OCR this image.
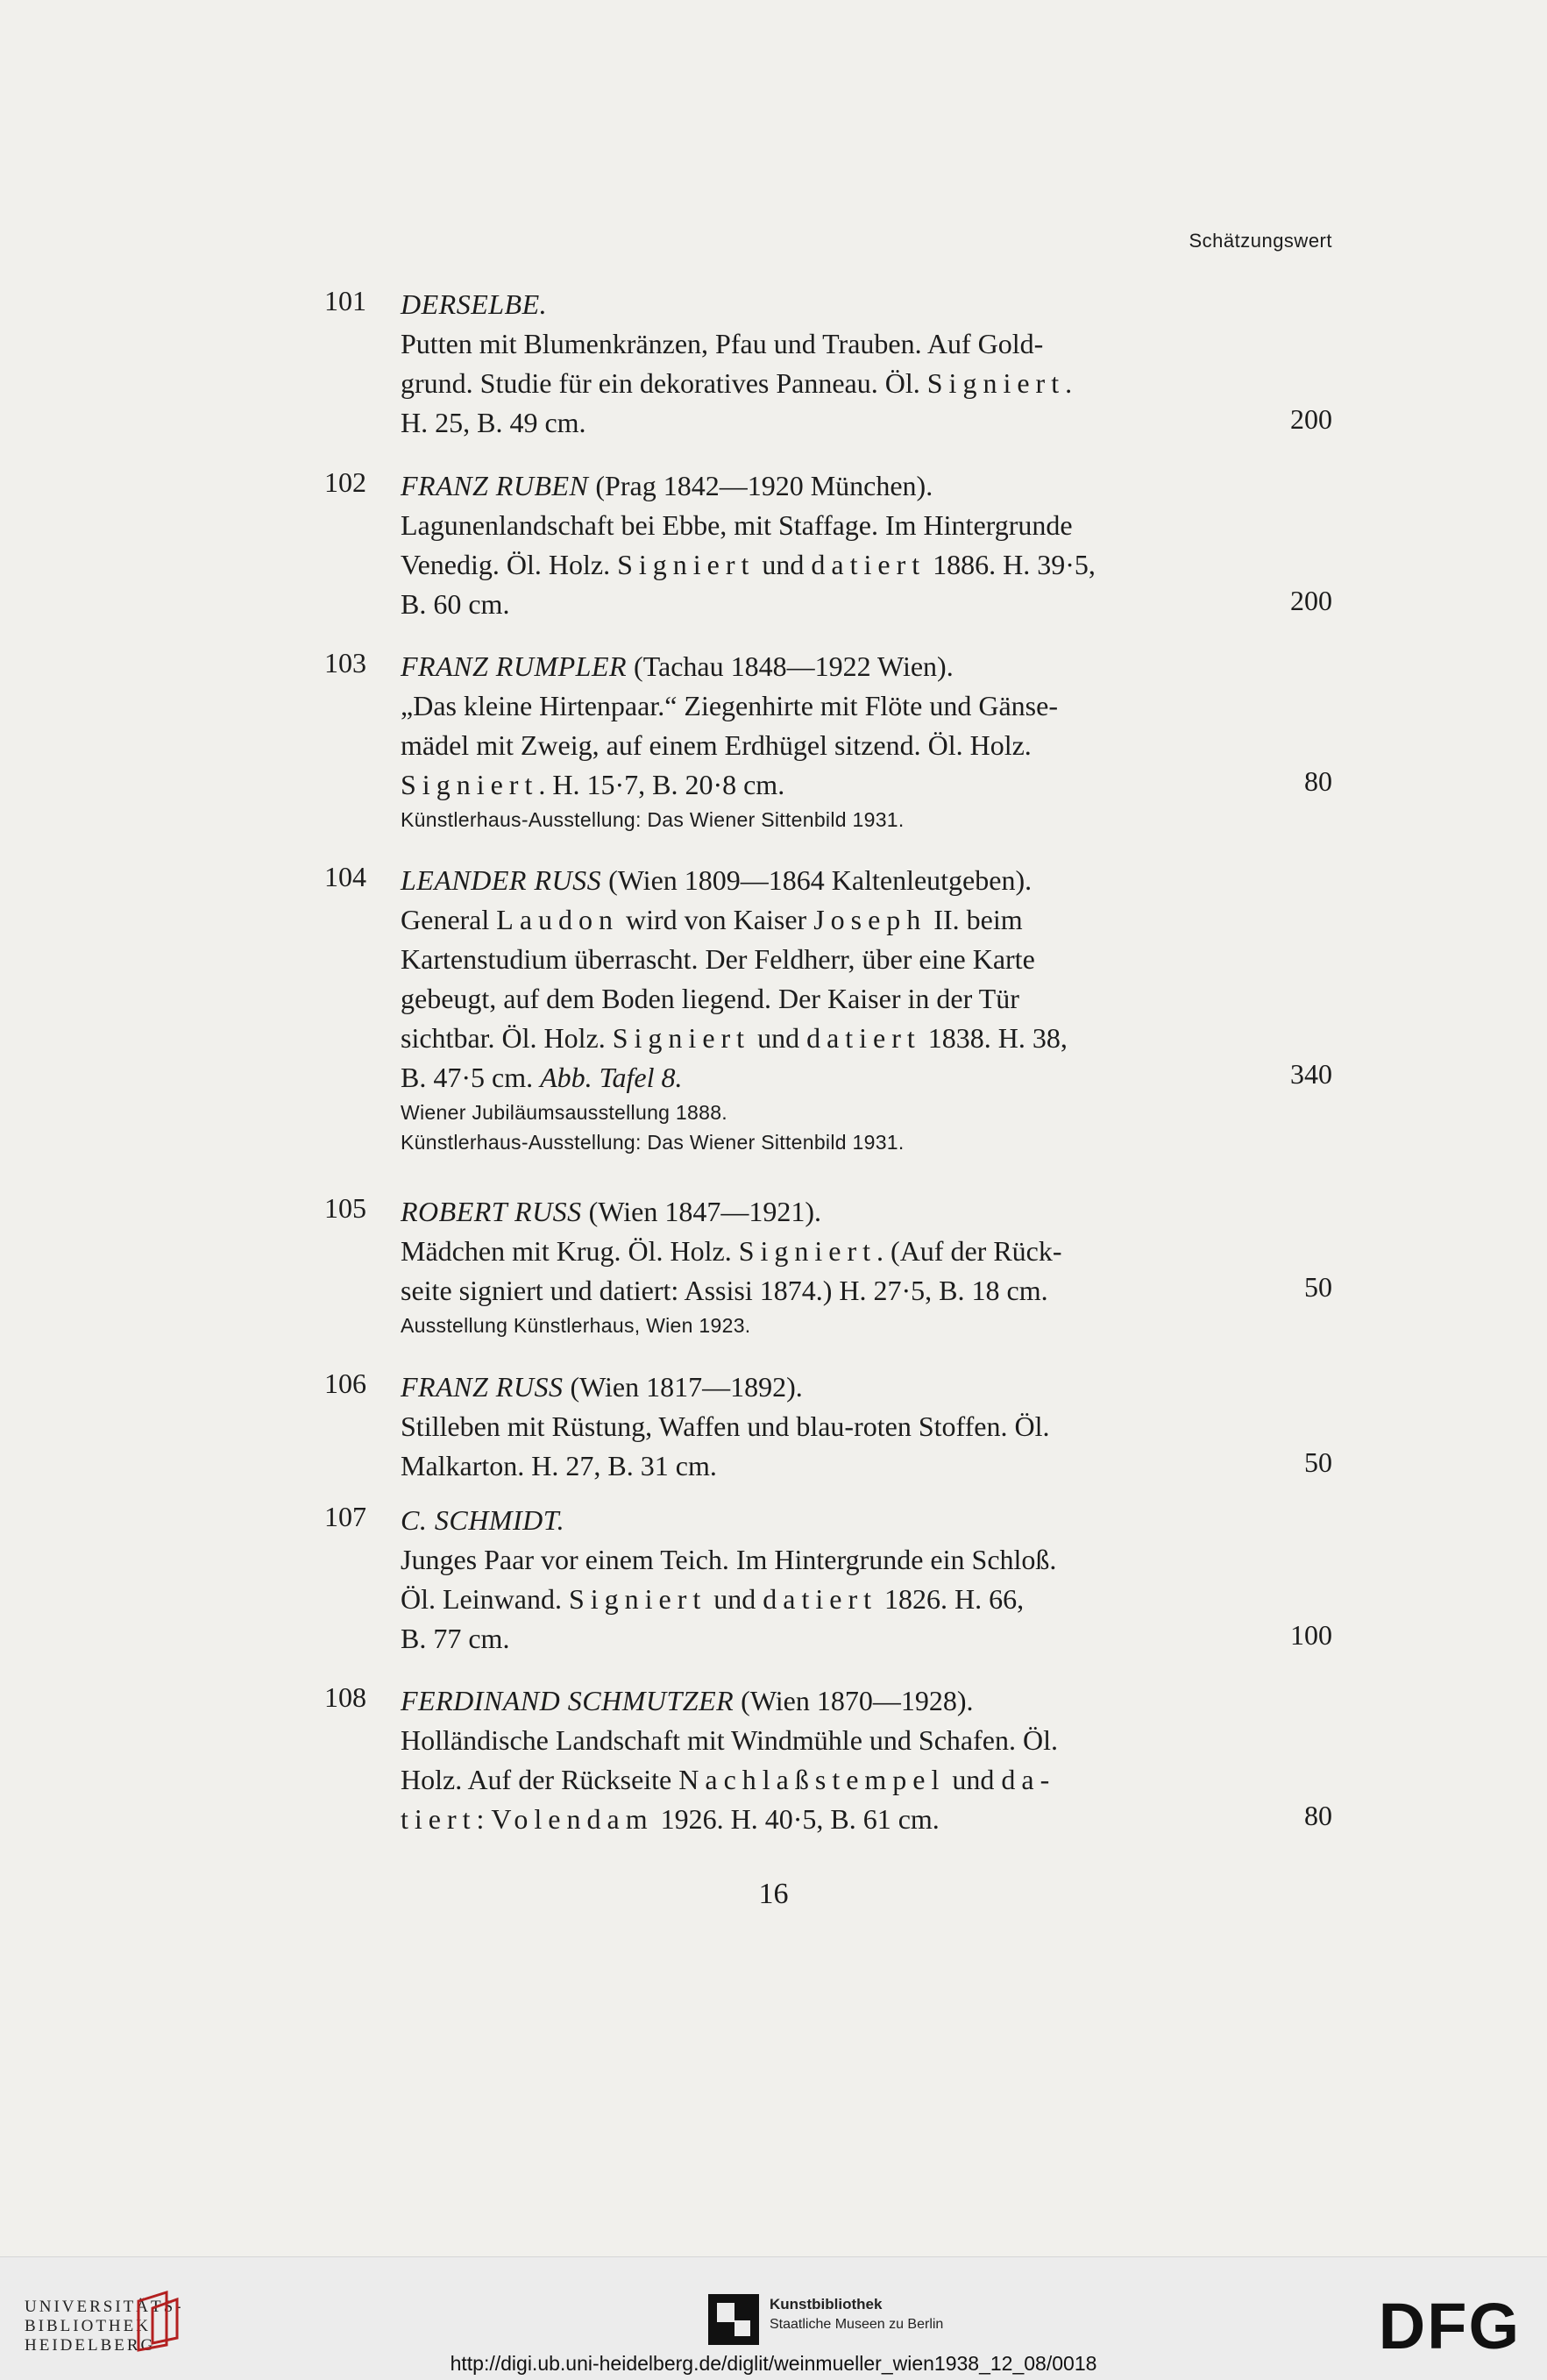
Schätzungswert
101 DERSELBE.
Putten mit Blumenkränzen, Pfau und Trauben. Auf Gold-
grund. Studie für ein dekoratives Panneau. Öl. Signiert.
H. 25, B. 49 cm.	200
102 FRANZ RUBEN (Prag 1842—1920 München).
Lagunenlandschaft bei Ebbe, mit Staffage. Im Hintergrunde
Venedig. Öl. Holz. Signiert und datiert 1886. H. 39·5,
B. 60 cm.	200
103 FRANZ RUMPLER (Tachau 1848—1922 Wien).
„Das kleine Hirtenpaar.“ Ziegenhirte mit Flöte und Gänse-
mädel mit Zweig, auf einem Erdhügel sitzend. Öl. Holz.
Signiert. H. 15·7, B. 20·8 cm.
Künstlerhaus-Ausstellung: Das Wiener Sittenbild 1931.
80
104 LEANDER RUSS (Wien 1809—1864 Kaltenleutgeben).
General Laudon wird von Kaiser Joseph II. beim
Kartenstudium überrascht. Der Feldherr, über eine Karte
gebeugt, auf dem Boden liegend. Der Kaiser in der Tür
sichtbar. Öl. Holz. Signiert und datiert 1838. H. 38,
B. 47·5 cm. Abb. Tafel 8.
Wiener Jubiläumsausstellung 1888.
Künstlerhaus-Ausstellung: Das Wiener Sittenbild 1931.
340
105 ROBERT RUSS (Wien 1847—1921).
Mädchen mit Krug. Öl. Holz. Signiert. (Auf der Rück-
seite signiert und datiert: Assisi 1874.) H. 27·5, B. 18 cm.
Ausstellung Künstlerhaus, Wien 1923.
50
106 FRANZ RUSS (Wien 1817—1892).
Stilleben mit Rüstung, Waffen und blau-roten Stoffen. Öl.
Malkarton. H. 27, B. 31 cm.	50
107 C. SCHMIDT.
Junges Paar vor einem Teich. Im Hintergrunde ein Schloß.
Öl. Leinwand. Signiert und datiert 1826. H. 66,
B. 77 cm.	100
108 FERDINAND SCHMUTZER (Wien 1870—1928).
Holländische Landschaft mit Windmühle und Schafen. Öl.
Holz. Auf der Rückseite Nachlaßstempel und da-
tiert: Volendam 1926. H. 40·5, B. 61 cm.	80
16
UNIVERSITÄTS-
BIBLIOTHEK
HEIDELBERG
Kunstbibliothek
Staatliche Museen zu Berlin	DFG
http://digi.ub.uni-heidelberg.de/diglit/weinmueller_wien1938_12_08/0018
